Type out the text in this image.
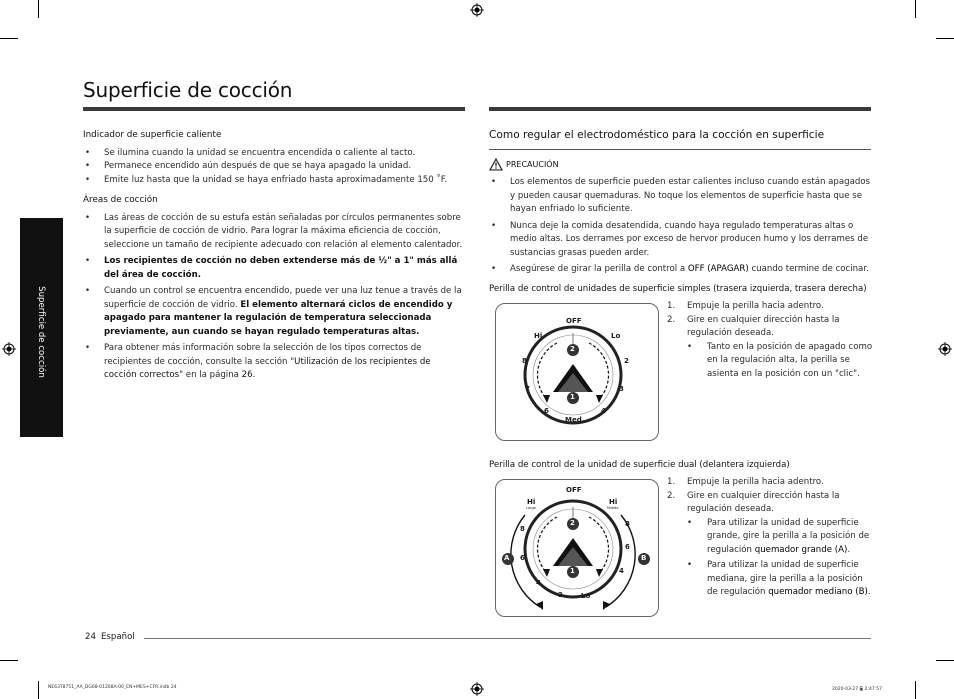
Superficie de cocción
Superficie de cocción
Indicador de superficie caliente
• Se ilumina cuando la unidad se encuentra encendida o caliente al tacto.
• Permanece encendido aún después de que se haya apagado la unidad.
• Emite luz hasta que la unidad se haya enfriado hasta aproximadamente 150 ˚F.
Áreas de cocción
• Las áreas de cocción de su estufa están señaladas por círculos permanentes sobre la superficie de cocción de vidrio. Para lograr la máxima eficiencia de cocción, seleccione un tamaño de recipiente adecuado con relación al elemento calentador.
• Los recipientes de cocción no deben extenderse más de ½" a 1" más allá del área de cocción.
• Cuando un control se encuentra encendido, puede ver una luz tenue a través de la superficie de cocción de vidrio. El elemento alternará ciclos de encendido y apagado para mantener la regulación de temperatura seleccionada previamente, aun cuando se hayan regulado temperaturas altas.
• Para obtener más información sobre la selección de los tipos correctos de recipientes de cocción, consulte la sección "Utilización de los recipientes de cocción correctos" en la página 26.
Como regular el electrodoméstico para la cocción en superficie
PRECAUCIÓN
• Los elementos de superficie pueden estar calientes incluso cuando están apagados y pueden causar quemaduras. No toque los elementos de superficie hasta que se hayan enfriado lo suficiente.
• Nunca deje la comida desatendida, cuando haya regulado temperaturas altas o medio altas. Los derrames por exceso de hervor producen humo y los derrames de sustancias grasas pueden arder.
• Asegúrese de girar la perilla de control a OFF (APAGAR) cuando termine de cocinar.
Perilla de control de unidades de superficie simples (trasera izquierda, trasera derecha)
OFF
Hi	Lo
8	2
7	3
6	4
Med
2
1
1. Empuje la perilla hacia adentro.
2. Gire en cualquier dirección hasta la regulación deseada.
• Tanto en la posición de apagado como en la regulación alta, la perilla se asienta en la posición con un "clic".
Perilla de control de la unidad de superficie dual (delantera izquierda)
OFF
Hi
Large
Hi
Middle
8
8
6
6
4
4
2	Lo
A	B
2
1
1. Empuje la perilla hacia adentro.
2. Gire en cualquier dirección hasta la regulación deseada.
• Para utilizar la unidad de superficie grande, gire la perilla a la posición de regulación quemador grande (A).
• Para utilizar la unidad de superficie mediana, gire la perilla a la posición de regulación quemador mediano (B).
24 Español
NE63T8751_AA_DG68-01208A-00_EN+MES+CFR.indb 24	2020-03-27 🖺 2:47:57
